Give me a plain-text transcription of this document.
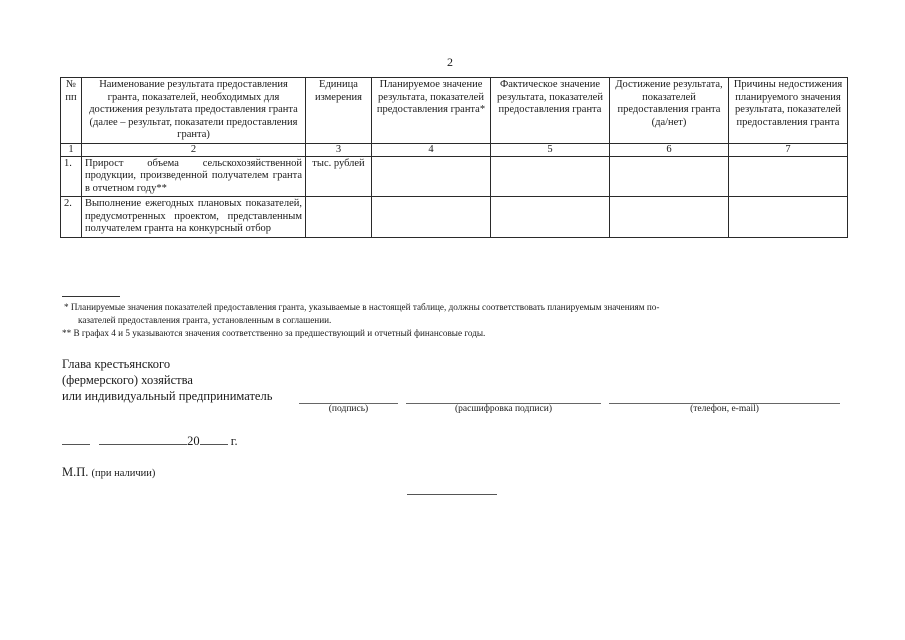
2
№ пп	Наименование результата предоставления гранта, показателей, необходимых для достижения результата предоставления гранта (далее – результат, показатели предоставления гранта)	Единица измерения	Планируемое значение результата, показателей предоставления гранта*	Фактическое значение результата, показателей предоставления гранта	Достижение результата, показателей предоставления гранта (да/нет)	Причины недостижения планируемого значения результата, показателей предоставления гранта
1	2	3	4	5	6	7
1.	Прирост объема сельскохозяйственной продукции, произведенной получателем гранта в отчетном году**	тыс. рублей				
2.	Выполнение ежегодных плановых показателей, предусмотренных проектом, представленным получателем гранта на конкурсный отбор					
* Планируемые значения показателей предоставления гранта, указываемые в настоящей таблице, должны соответствовать планируемым значениям по-
казателей предоставления гранта, установленным в соглашении.
** В графах 4 и 5 указываются значения соответственно за предшествующий и отчетный финансовые годы.
Глава крестьянского
(фермерского) хозяйства
или индивидуальный предприниматель
(подпись)	(расшифровка подписи)	(телефон, e-mail)
20 г.
М.П. (при наличии)
